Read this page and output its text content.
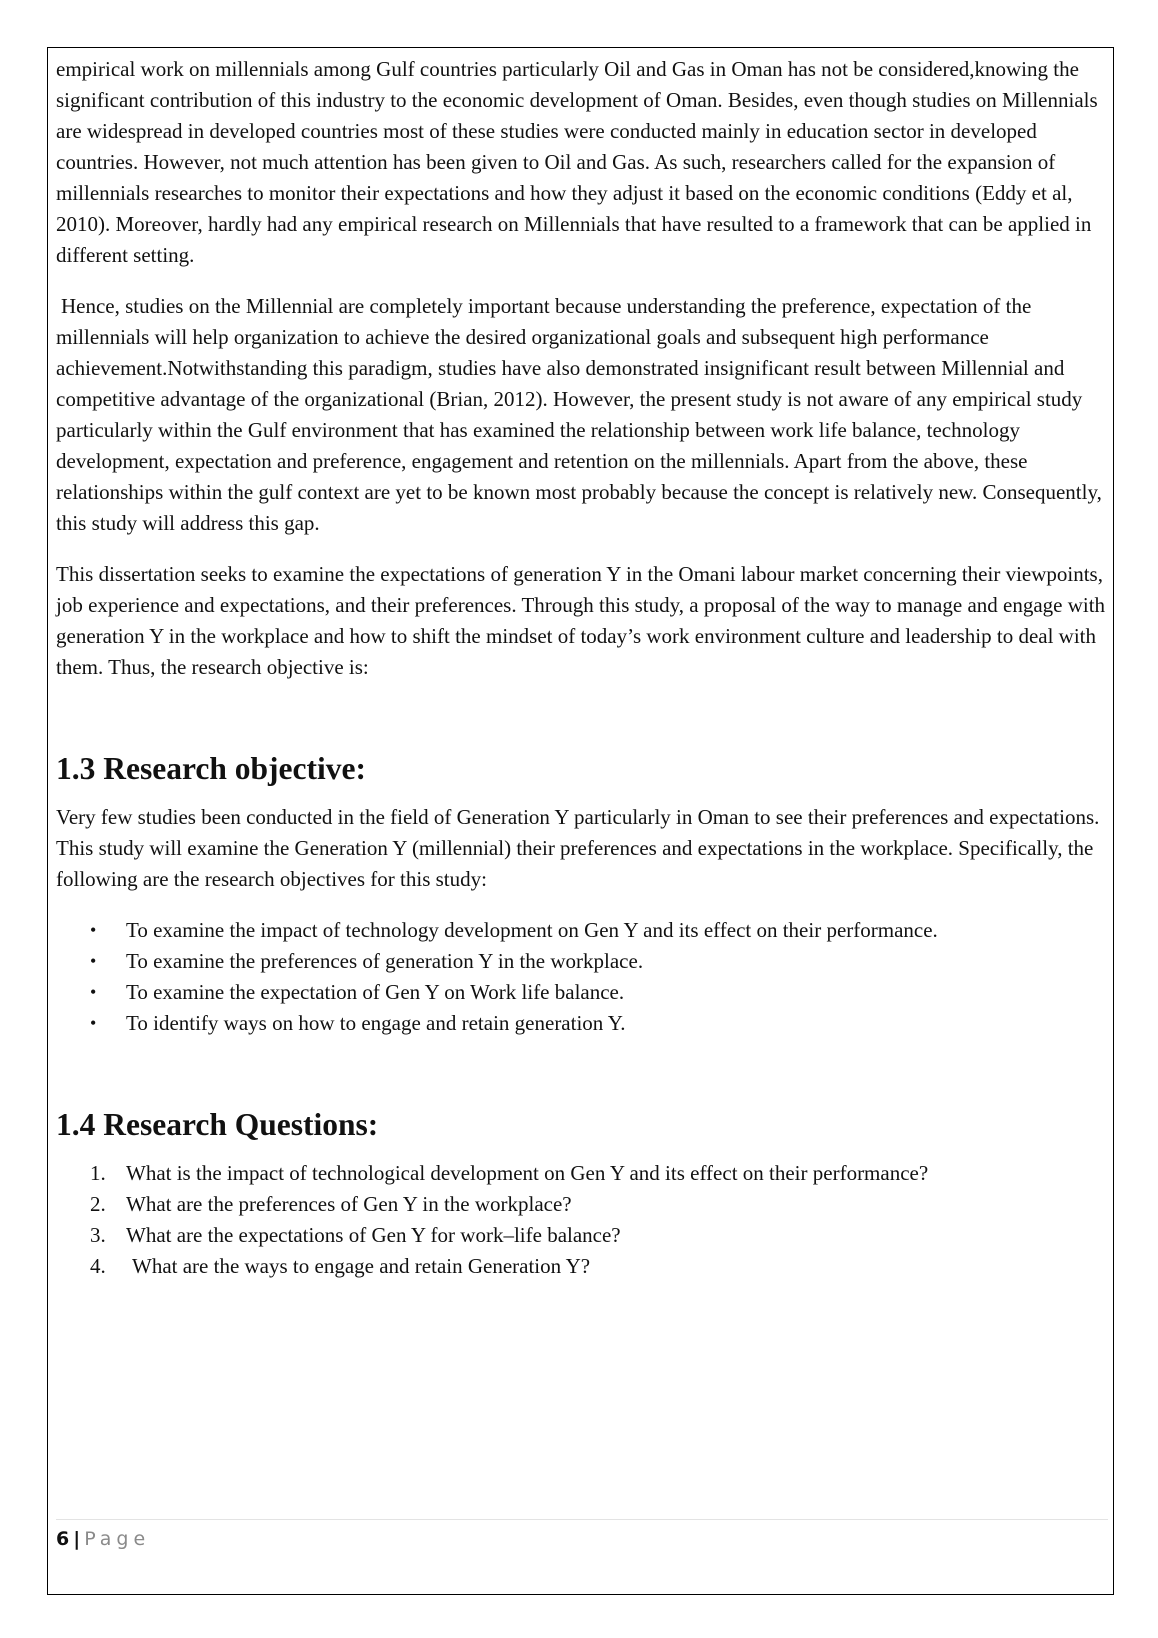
empirical work on millennials among Gulf countries particularly Oil and Gas in Oman has not be considered,knowing the significant contribution of this industry to the economic development of Oman. Besides, even though studies on Millennials are widespread in developed countries most of these studies were conducted mainly in education sector in developed countries. However, not much attention has been given to Oil and Gas. As such, researchers called for the expansion of millennials researches to monitor their expectations and how they adjust it based on the economic conditions (Eddy et al, 2010). Moreover, hardly had any empirical research on Millennials that have resulted to a framework that can be applied in different setting.

Hence, studies on the Millennial are completely important because understanding the preference, expectation of the millennials will help organization to achieve the desired organizational goals and subsequent high performance achievement.Notwithstanding this paradigm, studies have also demonstrated insignificant result between Millennial and competitive advantage of the organizational (Brian, 2012). However, the present study is not aware of any empirical study particularly within the Gulf environment that has examined the relationship between work life balance, technology development, expectation and preference, engagement and retention on the millennials. Apart from the above, these relationships within the gulf context are yet to be known most probably because the concept is relatively new. Consequently, this study will address this gap.

This dissertation seeks to examine the expectations of generation Y in the Omani labour market concerning their viewpoints, job experience and expectations, and their preferences. Through this study, a proposal of the way to manage and engage with generation Y in the workplace and how to shift the mindset of today’s work environment culture and leadership to deal with them. Thus, the research objective is:

1.3 Research objective:

Very few studies been conducted in the field of Generation Y particularly in Oman to see their preferences and expectations. This study will examine the Generation Y (millennial) their preferences and expectations in the workplace. Specifically, the following are the research objectives for this study:

• To examine the impact of technology development on Gen Y and its effect on their performance.
• To examine the preferences of generation Y in the workplace.
• To examine the expectation of Gen Y on Work life balance.
• To identify ways on how to engage and retain generation Y.
1.4 Research Questions:
1. What is the impact of technological development on Gen Y and its effect on their performance?
2. What are the preferences of Gen Y in the workplace?
3. What are the expectations of Gen Y for work–life balance?
4. What are the ways to engage and retain Generation Y?
6 | Page
